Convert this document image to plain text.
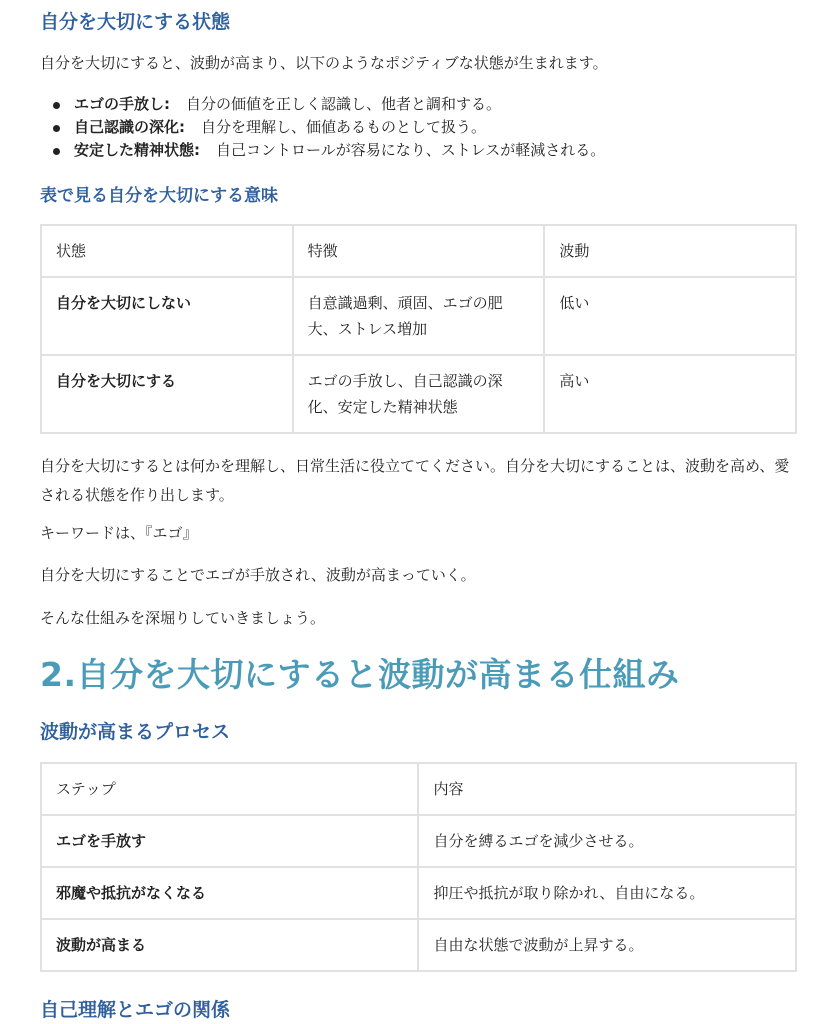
自分を大切にする状態

自分を大切にすると、波動が高まり、以下のようなポジティブな状態が生まれます。

エゴの手放し: 自分の価値を正しく認識し、他者と調和する。
自己認識の深化: 自分を理解し、価値あるものとして扱う。
安定した精神状態: 自己コントロールが容易になり、ストレスが軽減される。
表で見る自分を大切にする意味
状態	特徴	波動
自分を大切にしない	自意識過剰、頑固、エゴの肥大、ストレス増加	低い
自分を大切にする	エゴの手放し、自己認識の深化、安定した精神状態	高い

自分を大切にするとは何かを理解し、日常生活に役立ててください。自分を大切にすることは、波動を高め、愛される状態を作り出します。

キーワードは、『エゴ』

自分を大切にすることでエゴが手放され、波動が高まっていく。

そんな仕組みを深堀りしていきましょう。

2.自分を大切にすると波動が高まる仕組み
波動が高まるプロセス
ステップ	内容
エゴを手放す	自分を縛るエゴを減少させる。
邪魔や抵抗がなくなる	抑圧や抵抗が取り除かれ、自由になる。
波動が高まる	自由な状態で波動が上昇する。
自己理解とエゴの関係
